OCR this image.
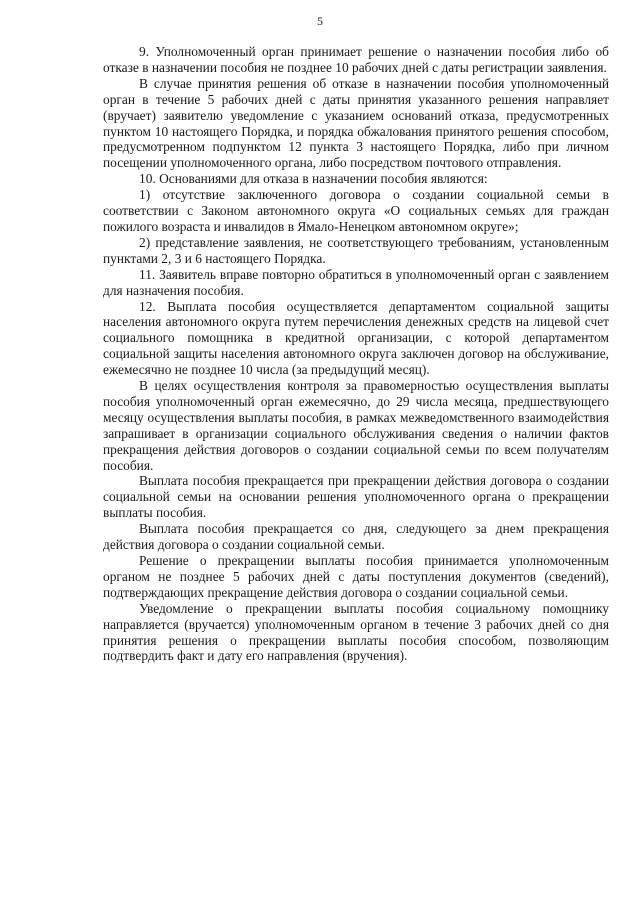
5

9. Уполномоченный орган принимает решение о назначении пособия либо об отказе в назначении пособия не позднее 10 рабочих дней с даты регистрации заявления.

В случае принятия решения об отказе в назначении пособия уполномоченный орган в течение 5 рабочих дней с даты принятия указанного решения направляет (вручает) заявителю уведомление с указанием оснований отказа, предусмотренных пунктом 10 настоящего Порядка, и порядка обжалования принятого решения способом, предусмотренном подпунктом 12 пункта 3 настоящего Порядка, либо при личном посещении уполномоченного органа, либо посредством почтового отправления.

10. Основаниями для отказа в назначении пособия являются:

1) отсутствие заключенного договора о создании социальной семьи в соответствии с Законом автономного округа «О социальных семьях для граждан пожилого возраста и инвалидов в Ямало-Ненецком автономном округе»;

2) представление заявления, не соответствующего требованиям, установленным пунктами 2, 3 и 6 настоящего Порядка.

11. Заявитель вправе повторно обратиться в уполномоченный орган с заявлением для назначения пособия.

12. Выплата пособия осуществляется департаментом социальной защиты населения автономного округа путем перечисления денежных средств на лицевой счет социального помощника в кредитной организации, с которой департаментом социальной защиты населения автономного округа заключен договор на обслуживание, ежемесячно не позднее 10 числа (за предыдущий месяц).

В целях осуществления контроля за правомерностью осуществления выплаты пособия уполномоченный орган ежемесячно, до 29 числа месяца, предшествующего месяцу осуществления выплаты пособия, в рамках межведомственного взаимодействия запрашивает в организации социального обслуживания сведения о наличии фактов прекращения действия договоров о создании социальной семьи по всем получателям пособия.

Выплата пособия прекращается при прекращении действия договора о создании социальной семьи на основании решения уполномоченного органа о прекращении выплаты пособия.

Выплата пособия прекращается со дня, следующего за днем прекращения действия договора о создании социальной семьи.

Решение о прекращении выплаты пособия принимается уполномоченным органом не позднее 5 рабочих дней с даты поступления документов (сведений), подтверждающих прекращение действия договора о создании социальной семьи.

Уведомление о прекращении выплаты пособия социальному помощнику направляется (вручается) уполномоченным органом в течение 3 рабочих дней со дня принятия решения о прекращении выплаты пособия способом, позволяющим подтвердить факт и дату его направления (вручения).
